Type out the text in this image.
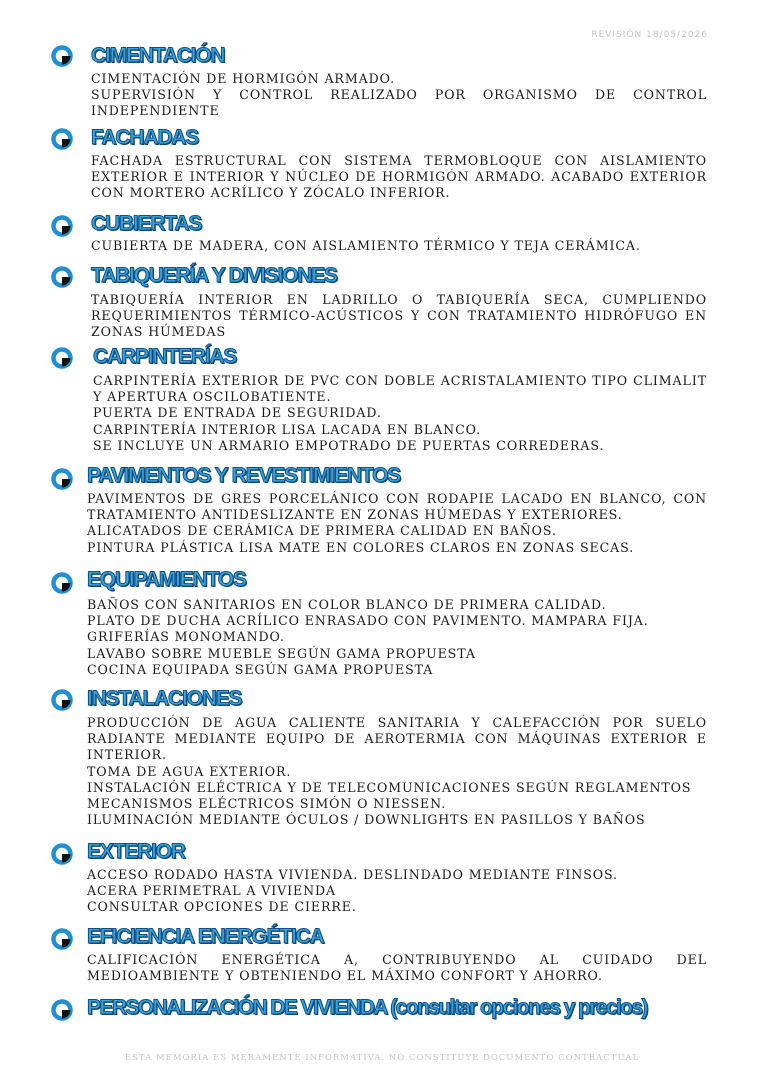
REVISIÓN 18/05/2026
CIMENTACIÓN
CIMENTACIÓN DE HORMIGÓN ARMADO.
SUPERVISIÓN Y CONTROL REALIZADO POR ORGANISMO DE CONTROL
INDEPENDIENTE
FACHADAS
FACHADA ESTRUCTURAL CON SISTEMA TERMOBLOQUE CON AISLAMIENTO
EXTERIOR E INTERIOR Y NÚCLEO DE HORMIGÓN ARMADO. ACABADO EXTERIOR
CON MORTERO ACRÍLICO Y ZÓCALO INFERIOR.
CUBIERTAS
CUBIERTA DE MADERA, CON AISLAMIENTO TÉRMICO Y TEJA CERÁMICA.
TABIQUERÍA Y DIVISIONES
TABIQUERÍA INTERIOR EN LADRILLO O TABIQUERÍA SECA, CUMPLIENDO
REQUERIMIENTOS TÉRMICO-ACÚSTICOS Y CON TRATAMIENTO HIDRÓFUGO EN
ZONAS HÚMEDAS
CARPINTERÍAS
CARPINTERÍA EXTERIOR DE PVC CON DOBLE ACRISTALAMIENTO TIPO CLIMALIT
Y APERTURA OSCILOBATIENTE.
PUERTA DE ENTRADA DE SEGURIDAD.
CARPINTERÍA INTERIOR LISA LACADA EN BLANCO.
SE INCLUYE UN ARMARIO EMPOTRADO DE PUERTAS CORREDERAS.
PAVIMENTOS Y REVESTIMIENTOS
PAVIMENTOS DE GRES PORCELÁNICO CON RODAPIE LACADO EN BLANCO, CON
TRATAMIENTO ANTIDESLIZANTE EN ZONAS HÚMEDAS Y EXTERIORES.
ALICATADOS DE CERÁMICA DE PRIMERA CALIDAD EN BAÑOS.
PINTURA PLÁSTICA LISA MATE EN COLORES CLAROS EN ZONAS SECAS.
EQUIPAMIENTOS
BAÑOS CON SANITARIOS EN COLOR BLANCO DE PRIMERA CALIDAD.
PLATO DE DUCHA ACRÍLICO ENRASADO CON PAVIMENTO. MAMPARA FIJA.
GRIFERÍAS MONOMANDO.
LAVABO SOBRE MUEBLE SEGÚN GAMA PROPUESTA
COCINA EQUIPADA SEGÚN GAMA PROPUESTA
INSTALACIONES
PRODUCCIÓN DE AGUA CALIENTE SANITARIA Y CALEFACCIÓN POR SUELO
RADIANTE MEDIANTE EQUIPO DE AEROTERMIA CON MÁQUINAS EXTERIOR E
INTERIOR.
TOMA DE AGUA EXTERIOR.
INSTALACIÓN ELÉCTRICA Y DE TELECOMUNICACIONES SEGÚN REGLAMENTOS
MECANISMOS ELÉCTRICOS SIMÓN O NIESSEN.
ILUMINACIÓN MEDIANTE ÓCULOS / DOWNLIGHTS EN PASILLOS Y BAÑOS
EXTERIOR
ACCESO RODADO HASTA VIVIENDA. DESLINDADO MEDIANTE FINSOS.
ACERA PERIMETRAL A VIVIENDA
CONSULTAR OPCIONES DE CIERRE.
EFICIENCIA ENERGÉTICA
CALIFICACIÓN ENERGÉTICA A, CONTRIBUYENDO AL CUIDADO DEL
MEDIOAMBIENTE Y OBTENIENDO EL MÁXIMO CONFORT Y AHORRO.
PERSONALIZACIÓN DE VIVIENDA (consultar opciones y precios)
ESTA MEMORIA ES MERAMENTE INFORMATIVA. NO CONSTITUYE DOCUMENTO CONTRACTUAL
